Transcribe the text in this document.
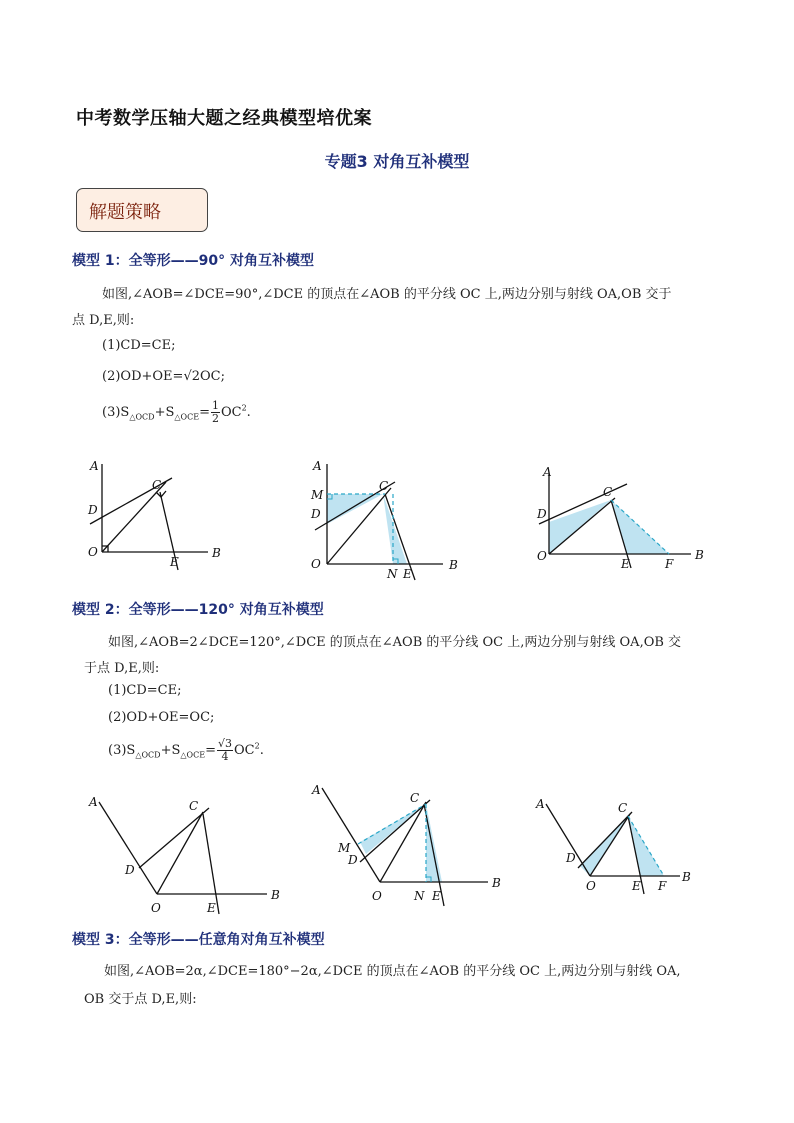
中考数学压轴大题之经典模型培优案
专题3 对角互补模型
解题策略
模型 1：全等形——90° 对角互补模型
如图,∠AOB=∠DCE=90°,∠DCE 的顶点在∠AOB 的平分线 OC 上,两边分别与射线 OA,OB 交于
点 D,E,则:
(1)CD=CE;
(2)OD+OE=√2OC;
$(3)S_{\triangle OCD}+S_{\triangle OCE}= \frac{1}{2} OC^2$.
A
B
C
D
E
O
A
B
C
D
M
N E
O
A
B
C
D
E	F
O
模型 2：全等形——120° 对角互补模型
如图,∠AOB=2∠DCE=120°,∠DCE 的顶点在∠AOB 的平分线 OC 上,两边分别与射线 OA,OB 交
于点 D,E,则:
(1)CD=CE;
(2)OD+OE=OC;
$(3)S_{\triangle OCD}+S_{\triangle OCE}= \frac{√3}{4} OC^2$.
A
B
C
D
E
O
A
B
C
D
M
N E
O
A
B
C
D
E F
O
模型 3：全等形——任意角对角互补模型
如图,∠AOB=2α,∠DCE=180°−2α,∠DCE 的顶点在∠AOB 的平分线 OC 上,两边分别与射线 OA,
OB 交于点 D,E,则:
